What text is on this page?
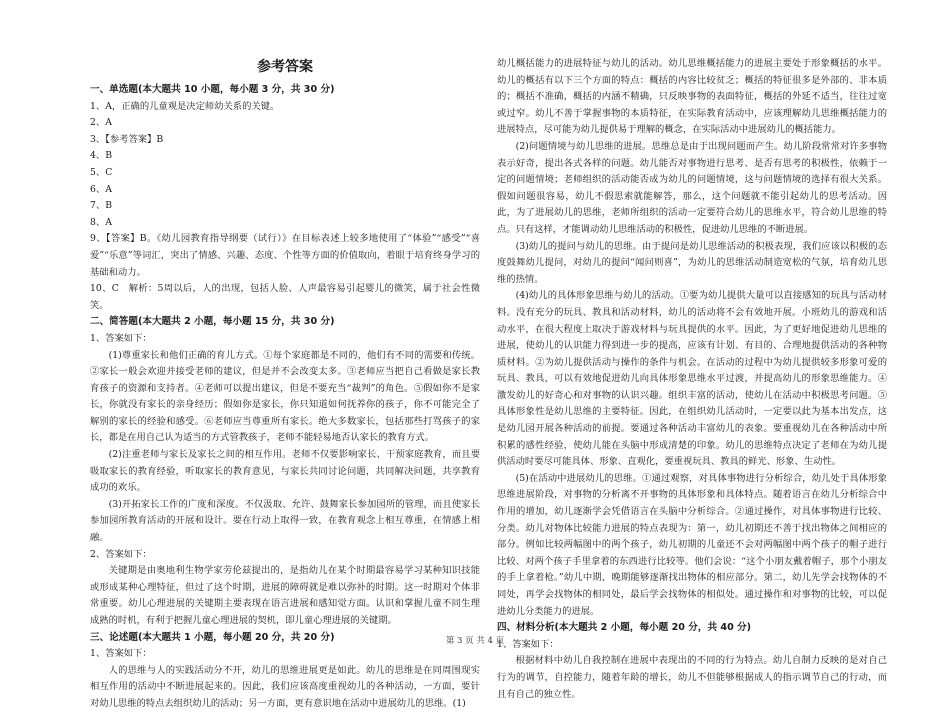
参考答案
一、单选题(本大题共 10 小题，每小题 3 分，共 30 分)
1、A，正确的儿童观是决定师幼关系的关键。
2、A
3、【参考答案】B
4、B
5、C
6、A
7、B
8、A
9、【答案】B。《幼儿园教育指导纲要（试行）》在目标表述上较多地使用了“体验”“感受”“喜爱”“乐意”等词汇，突出了情感、兴趣、态度、个性等方面的价值取向，着眼于培育终身学习的基础和动力。
10、C　解析：5周以后，人的出现，包括人脸、人声最容易引起婴儿的微笑，属于社会性微笑。
二、简答题(本大题共 2 小题，每小题 15 分，共 30 分)
1、答案如下：
(1)尊重家长和他们正确的育儿方式。①每个家庭都是不同的，他们有不同的需要和传统。②家长一般会欢迎并接受老师的建议，但是并不会改变太多。③老师应当把自己看做是家长教育孩子的资源和支持者。④老师可以提出建议，但是不要充当“裁判”的角色。⑤假如你不是家长，你就没有家长的亲身经历；假如你是家长，你只知道如何抚养你的孩子，你不可能完全了解别的家长的经验和感受。⑥老师应当尊重所有家长。绝大多数家长，包括那些打骂孩子的家长，都是在用自己认为适当的方式管教孩子，老师不能轻易地否认家长的教育方式。
(2)注重老师与家长及家长之间的相互作用。老师不仅要影响家长、干预家庭教育，而且要吸取家长的教育经验，听取家长的教育意见，与家长共同讨论问题，共同解决问题，共享教育成功的欢乐。
(3)开拓家长工作的广度和深度。不仅汲取、允许、鼓舞家长参加园所的管理，而且使家长参加园所教育活动的开展和设计。要在行动上取得一致，在教育观念上相互尊重，在情感上相融。
2、答案如下：
关键期是由奥地利生物学家劳伦兹提出的，是指幼儿在某个时期最容易学习某种知识技能或形成某种心理特征，但过了这个时期，进展的障碍就是难以弥补的时期。这一时期对个体非常重要。幼儿心理进展的关键期主要表现在语言进展和感知觉方面。认识和掌握儿童不同生理成熟的时机，有利于把握儿童心理进展的契机，即儿童心理进展的关键期。
三、论述题(本大题共 1 小题，每小题 20 分，共 20 分)
1、答案如下：
人的思维与人的实践活动分不开，幼儿的思维进展更是如此。幼儿的思维是在同周围现实相互作用的活动中不断进展起来的。因此，我们应该高度重视幼儿的各种活动，一方面，要针对幼儿思维的特点去组织幼儿的活动；另一方面，更有意识地在活动中进展幼儿的思维。(1)
幼儿概括能力的进展特征与幼儿的活动。幼儿思维概括能力的进展主要处于形象概括的水平。幼儿的概括有以下三个方面的特点：概括的内容比较贫乏；概括的特征很多是外部的、非本质的；概括不准确，概括的内涵不精确，只反映事物的表面特征，概括的外延不适当，往往过宽或过窄。幼儿不善于掌握事物的本质特征，在实际教育活动中，应该理解幼儿思维概括能力的进展特点，尽可能为幼儿提供易于理解的概念，在实际活动中进展幼儿的概括能力。
(2)问题情境与幼儿思维的进展。思维总是由于出现问题而产生。幼儿阶段常常对许多事物表示好奇，提出各式各样的问题。幼儿能否对事物进行思考、是否有思考的积极性，依赖于一定的问题情境；老师组织的活动能否成为幼儿的问题情境，这与问题情境的选择有很大关系。假如问题很容易，幼儿不假思索就能解答，那么，这个问题就不能引起幼儿的思考活动。因此，为了进展幼儿的思维，老师所组织的活动一定要符合幼儿的思维水平，符合幼儿思维的特点。只有这样，才能调动幼儿思维活动的积极性，促进幼儿思维的不断进展。
(3)幼儿的提问与幼儿的思维。由于提问是幼儿思维活动的积极表现，我们应该以积极的态度鼓舞幼儿提问，对幼儿的提问“闻问则喜”，为幼儿的思维活动制造宽松的气氛，培育幼儿思维的热情。
(4)幼儿的具体形象思维与幼儿的活动。①要为幼儿提供大量可以直接感知的玩具与活动材料。没有充分的玩具、教具和活动材料，幼儿的活动将不会有效地开展。小班幼儿的游戏和活动水平，在很大程度上取决于游戏材料与玩具提供的水平。因此，为了更好地促进幼儿思维的进展，使幼儿的认识能力得到进一步的提高，应该有计划、有目的、合理地提供活动的各种物质材料。②为幼儿提供活动与操作的条件与机会。在活动的过程中为幼儿提供较多形象可爱的玩具、教具，可以有效地促进幼儿向具体形象思维水平过渡，并提高幼儿的形象思维能力。④激发幼儿的好奇心和对事物的认识兴趣。组织丰富的活动，使幼儿在活动中积极思考问题。⑤具体形象性是幼儿思维的主要特征。因此，在组织幼儿活动时，一定要以此为基本出发点，这是幼儿园开展各种活动的前提。要通过各种活动丰富幼儿的表象。要重视幼儿在各种活动中所积累的感性经验，使幼儿能在头脑中形成清楚的印象。幼儿的思维特点决定了老师在为幼儿提供活动时要尽可能具体、形象、直观化，要重视玩具、教具的鲜光、形象、生动性。
(5)在活动中进展幼儿的思维。①通过观察，对具体事物进行分析综合，幼儿处于具体形象思维进展阶段，对事物的分析离不开事物的具体形象和具体特点。随着语言在幼儿分析综合中作用的增加，幼儿逐渐学会凭借语言在头脑中分析综合。②通过操作，对具体事物进行比较、分类。幼儿对物体比较能力进展的特点表现为：第一，幼儿初期还不善于找出物体之间相应的部分。例如比较两幅图中的两个孩子，幼儿初期的儿童还不会对两幅图中两个孩子的帽子进行比较、对两个孩子手里拿着的东西进行比较等。他们会说：“这个小朋友戴着帽子，那个小朋友的手上拿着枪。”幼儿中期，晚期能够逐渐找出物体的相应部分。第二，幼儿先学会找物体的不同处，再学会找物体的相同处，最后学会找物体的相似处。通过操作和对事物的比较，可以促进幼儿分类能力的进展。
四、材料分析(本大题共 2 小题，每小题 20 分，共 40 分)
1、答案如下：
根据材料中幼儿自我控制在进展中表现出的不同的行为特点。幼儿自制力反映的是对自己行为的调节，自控能力，随着年龄的增长，幼儿不但能够根据成人的指示调节自己的行动，而且有自己的独立性。
第 3 页 共 4 页
